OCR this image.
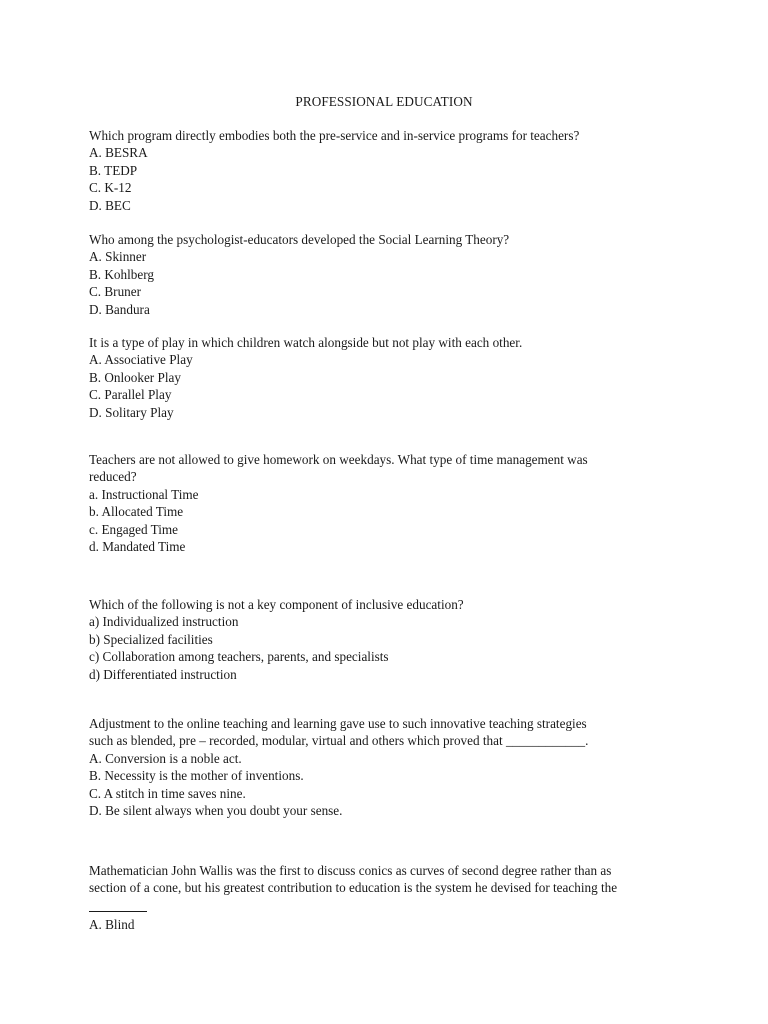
PROFESSIONAL EDUCATION

Which program directly embodies both the pre-service and in-service programs for teachers?

A. BESRA
B. TEDP
C. K-12
D. BEC

Who among the psychologist-educators developed the Social Learning Theory?

A. Skinner
B. Kohlberg
C. Bruner
D. Bandura

It is a type of play in which children watch alongside but not play with each other.

A. Associative Play
B. Onlooker Play
C. Parallel Play
D. Solitary Play
Teachers are not allowed to give homework on weekdays. What type of time management was
reduced?
a. Instructional Time
b. Allocated Time
c. Engaged Time
d. Mandated Time

Which of the following is not a key component of inclusive education?

a) Individualized instruction
b) Specialized facilities
c) Collaboration among teachers, parents, and specialists
d) Differentiated instruction
Adjustment to the online teaching and learning gave use to such innovative teaching strategies
such as blended, pre – recorded, modular, virtual and others which proved that ____________.
A. Conversion is a noble act.
B. Necessity is the mother of inventions.
C. A stitch in time saves nine.
D. Be silent always when you doubt your sense.
Mathematician John Wallis was the first to discuss conics as curves of second degree rather than as
section of a cone, but his greatest contribution to education is the system he devised for teaching the
A. Blind
